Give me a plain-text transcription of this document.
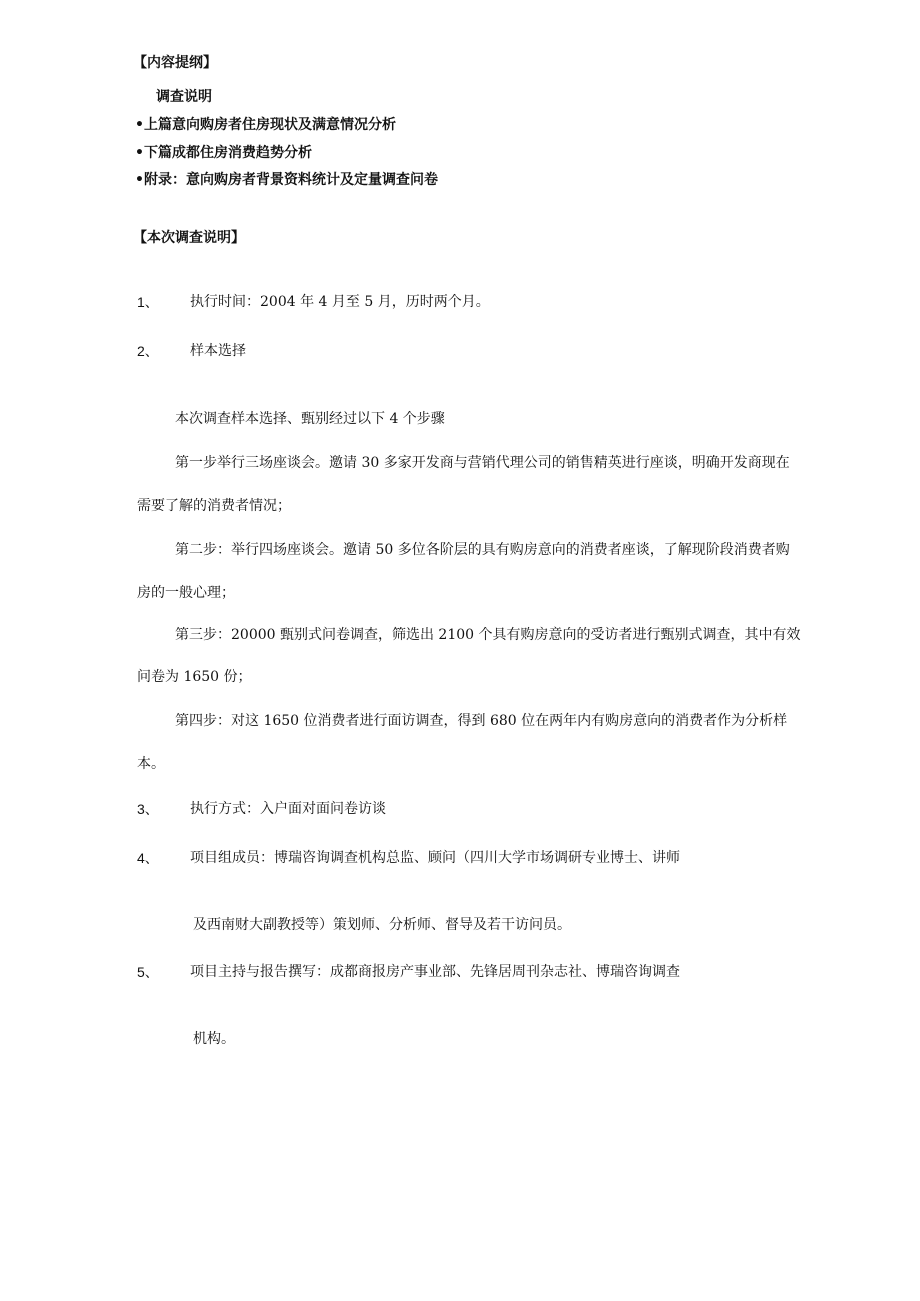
【内容提纲】
调查说明
•上篇意向购房者住房现状及满意情况分析
•下篇成都住房消费趋势分析
•附录：意向购房者背景资料统计及定量调查问卷
【本次调查说明】
1、 执行时间：2004 年 4 月至 5 月，历时两个月。
2、 样本选择
本次调查样本选择、甄别经过以下 4 个步骤
第一步举行三场座谈会。邀请 30 多家开发商与营销代理公司的销售精英进行座谈，明确开发商现在
需要了解的消费者情况；
第二步：举行四场座谈会。邀请 50 多位各阶层的具有购房意向的消费者座谈，了解现阶段消费者购
房的一般心理；
第三步：20000 甄别式问卷调查，筛选出 2100 个具有购房意向的受访者进行甄别式调查，其中有效
问卷为 1650 份；
第四步：对这 1650 位消费者进行面访调查，得到 680 位在两年内有购房意向的消费者作为分析样
本。
3、 执行方式：入户面对面问卷访谈
4、 项目组成员：博瑞咨询调查机构总监、顾问（四川大学市场调研专业博士、讲师
及西南财大副教授等）策划师、分析师、督导及若干访问员。
5、 项目主持与报告撰写：成都商报房产事业部、先锋居周刊杂志社、博瑞咨询调查
机构。
